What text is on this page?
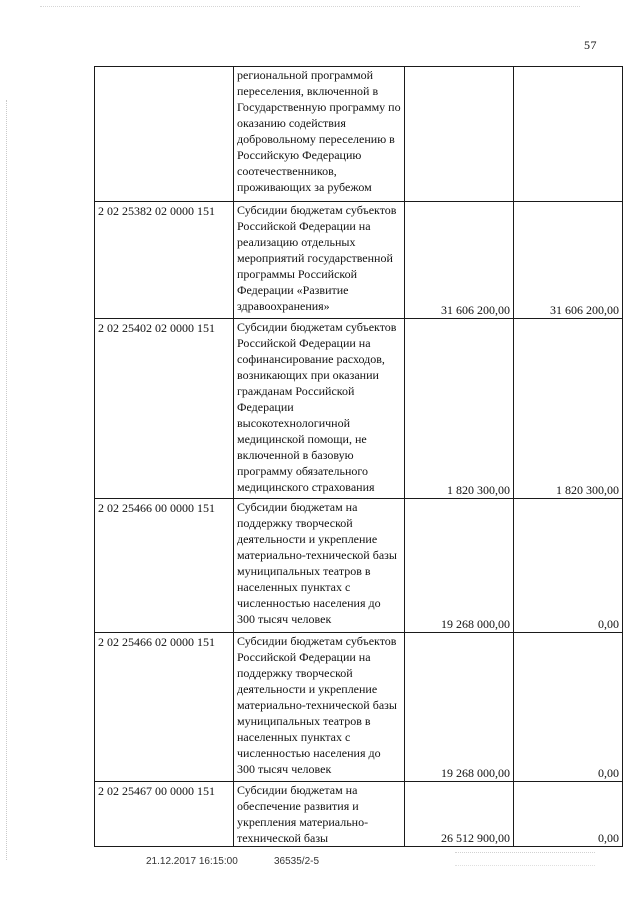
57
	региональной программой переселения, включенной в Государственную программу по оказанию содействия добровольному переселению в Российскую Федерацию соотечественников, проживающих за рубежом		
2 02 25382 02 0000 151	Субсидии бюджетам субъектов Российской Федерации на реализацию отдельных мероприятий государственной программы Российской Федерации «Развитие здравоохранения»	31 606 200,00	31 606 200,00
2 02 25402 02 0000 151	Субсидии бюджетам субъектов Российской Федерации на софинансирование расходов, возникающих при оказании гражданам Российской Федерации высокотехнологичной медицинской помощи, не включенной в базовую программу обязательного медицинского страхования	1 820 300,00	1 820 300,00
2 02 25466 00 0000 151	Субсидии бюджетам на поддержку творческой деятельности и укрепление материально-технической базы муниципальных театров в населенных пунктах с численностью населения до 300 тысяч человек	19 268 000,00	0,00
2 02 25466 02 0000 151	Субсидии бюджетам субъектов Российской Федерации на поддержку творческой деятельности и укрепление материально-технической базы муниципальных театров в населенных пунктах с численностью населения до 300 тысяч человек	19 268 000,00	0,00
2 02 25467 00 0000 151	Субсидии бюджетам на обеспечение развития и укрепления материально-технической базы	26 512 900,00	0,00
21.12.2017 16:15:00	36535/2-5
